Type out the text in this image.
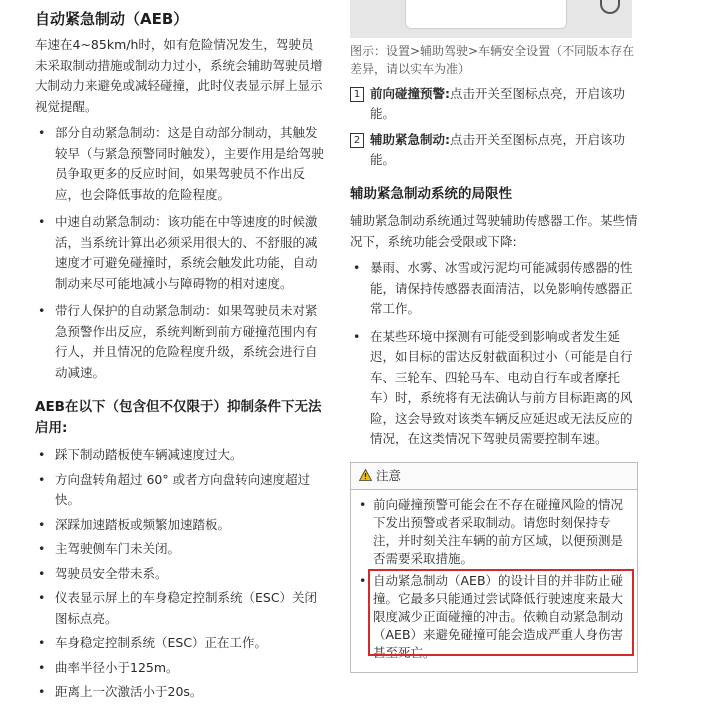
自动紧急制动（AEB）

车速在4~85km/h时，如有危险情况发生，驾驶员未采取制动措施或制动力过小，系统会辅助驾驶员增大制动力来避免或减轻碰撞，此时仪表显示屏上显示视觉提醒。

• 部分自动紧急制动：这是自动部分制动，其触发较早（与紧急预警同时触发），主要作用是给驾驶员争取更多的反应时间，如果驾驶员不作出反应，也会降低事故的危险程度。
• 中速自动紧急制动：该功能在中等速度的时候激活，当系统计算出必须采用很大的、不舒服的减速度才可避免碰撞时，系统会触发此功能，自动制动来尽可能地减小与障碍物的相对速度。
• 带行人保护的自动紧急制动：如果驾驶员未对紧急预警作出反应，系统判断到前方碰撞范围内有行人，并且情况的危险程度升级，系统会进行自动减速。
AEB在以下（包含但不仅限于）抑制条件下无法启用:
• 踩下制动踏板使车辆减速度过大。
• 方向盘转角超过 60° 或者方向盘转向速度超过快。
• 深踩加速踏板或频繁加速踏板。
• 主驾驶侧车门未关闭。
• 驾驶员安全带未系。
• 仪表显示屏上的车身稳定控制系统（ESC）关闭图标点亮。
• 车身稳定控制系统（ESC）正在工作。
• 曲率半径小于125m。
• 距离上一次激活小于20s。
图示：设置>辅助驾驶>车辆安全设置（不同版本存在差异，请以实车为准）
1 前向碰撞预警:点击开关至图标点亮，开启该功能。
2 辅助紧急制动:点击开关至图标点亮，开启该功能。
辅助紧急制动系统的局限性

辅助紧急制动系统通过驾驶辅助传感器工作。某些情况下，系统功能会受限或下降:

• 暴雨、水雾、冰雪或污泥均可能减弱传感器的性能，请保持传感器表面清洁，以免影响传感器正常工作。
• 在某些环境中探测有可能受到影响或者发生延迟，如目标的雷达反射截面积过小（可能是自行车、三轮车、四轮马车、电动自行车或者摩托车）时，系统将有无法确认与前方目标距离的风险，这会导致对该类车辆反应延迟或无法反应的情况，在这类情况下驾驶员需要控制车速。
注意
• 前向碰撞预警可能会在不存在碰撞风险的情况下发出预警或者采取制动。请您时刻保持专注，并时刻关注车辆的前方区域，以便预测是否需要采取措施。
• 自动紧急制动（AEB）的设计目的并非防止碰撞。它最多只能通过尝试降低行驶速度来最大限度减少正面碰撞的冲击。依赖自动紧急制动（AEB）来避免碰撞可能会造成严重人身伤害甚至死亡。
